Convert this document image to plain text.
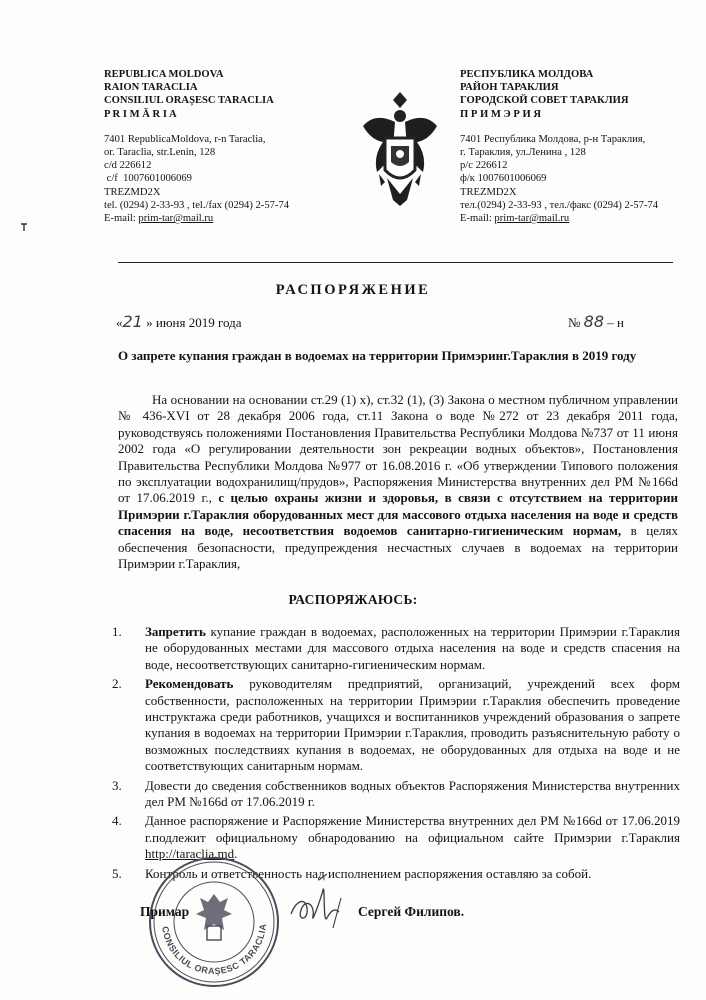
REPUBLICA MOLDOVA
RAION TARACLIA
CONSILIUL ORAȘESC TARACLIA
P R I M Ă R I A
7401 RepublicaMoldova, r-n Taraclia,
or. Taraclia, str.Lenin, 128
c/d 226612
c/f  1007601006069
TREZMD2X
tel. (0294) 2-33-93 , tel./fax (0294) 2-57-74
E-mail: prim-tar@mail.ru
РЕСПУБЛИКА МОЛДОВА
РАЙОН ТАРАКЛИЯ
ГОРОДСКОЙ СОВЕТ ТАРАКЛИЯ
П Р И М Э Р И Я
7401 Республика Молдова, р-н Тараклия,
г. Тараклия, ул.Ленина , 128
р/с 226612
ф/к 1007601006069
TREZMD2X
тел.(0294) 2-33-93 , тел./факс (0294) 2-57-74
E-mail: prim-tar@mail.ru
РАСПОРЯЖЕНИЕ
«21 » июня 2019 года	№ 88 – н
О запрете купания граждан в водоемах на территории Примэринг.Тараклия в 2019 году
На основании на основании ст.29 (1) х), ст.32 (1), (3) Закона о местном публичном управлении № 436-XVI от 28 декабря 2006 года, ст.11 Закона о воде №272 от 23 декабря 2011 года, руководствуясь положениями Постановления Правительства Республики Молдова №737 от 11 июня 2002 года «О регулировании деятельности зон рекреации водных объектов», Постановления Правительства Республики Молдова №977 от 16.08.2016 г. «Об утверждении Типового положения по эксплуатации водохранилищ/прудов», Распоряжения Министерства внутренних дел РМ №166d от 17.06.2019 г., с целью охраны жизни и здоровья, в связи с отсутствием на территории Примэрии г.Тараклия оборудованных мест для массового отдыха населения на воде и средств спасения на воде, несоответствия водоемов санитарно-гигиеническим нормам, в целях обеспечения безопасности, предупреждения несчастных случаев в водоемах на территории Примэрии г.Тараклия,
РАСПОРЯЖАЮСЬ:
1. Запретить купание граждан в водоемах, расположенных на территории Примэрии г.Тараклия не оборудованных местами для массового отдыха населения на воде и средств спасения на воде, несоответствующих санитарно-гигиеническим нормам.
2. Рекомендовать руководителям предприятий, организаций, учреждений всех форм собственности, расположенных на территории Примэрии г.Тараклия обеспечить проведение инструктажа среди работников, учащихся и воспитанников учреждений образования о запрете купания в водоемах на территории Примэрии г.Тараклия, проводить разъяснительную работу о возможных последствиях купания в водоемах, не оборудованных для отдыха на воде и не соответствующих санитарным нормам.
3. Довести до сведения собственников водных объектов Распоряжения Министерства внутренних дел РМ №166d от 17.06.2019 г.
4. Данное распоряжение и Распоряжение Министерства внутренних дел РМ №166d от 17.06.2019 г.подлежит официальному обнародованию на официальном сайте Примэрии г.Тараклия http://taraclia.md.
5. Контроль и ответственность над исполнением распоряжения оставляю за собой.
CONSILIUL ORAȘESC TARACLIA
Примар	Сергей Филипов.
